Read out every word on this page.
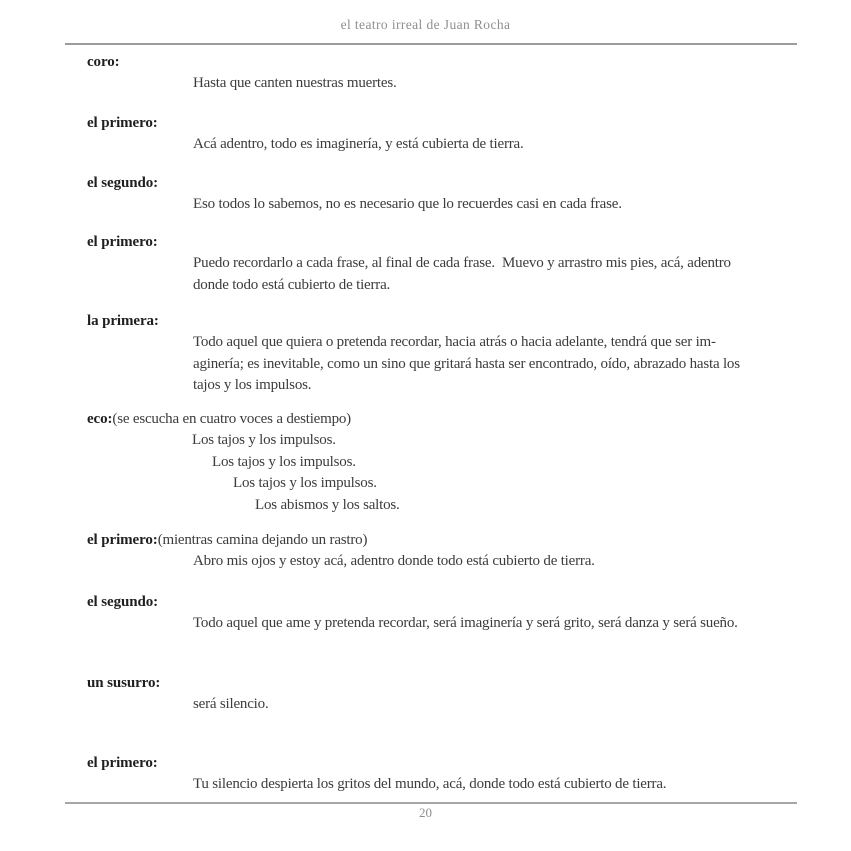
el teatro irreal de Juan Rocha
coro:
Hasta que canten nuestras muertes.
el primero:
Acá adentro, todo es imaginería, y está cubierta de tierra.
el segundo:
Eso todos lo sabemos, no es necesario que lo recuerdes casi en cada frase.
el primero:
Puedo recordarlo a cada frase, al final de cada frase.  Muevo y arrastro mis pies, acá, adentro
donde todo está cubierto de tierra.
la primera:
Todo aquel que quiera o pretenda recordar, hacia atrás o hacia adelante, tendrá que ser im-
aginería; es inevitable, como un sino que gritará hasta ser encontrado, oído, abrazado hasta los
tajos y los impulsos.
eco:(se escucha en cuatro voces a destiempo)
Los tajos y los impulsos.
Los tajos y los impulsos.
Los tajos y los impulsos.
Los abismos y los saltos.
el primero:(mientras camina dejando un rastro)
Abro mis ojos y estoy acá, adentro donde todo está cubierto de tierra.
el segundo:
Todo aquel que ame y pretenda recordar, será imaginería y será grito, será danza y será sueño.
un susurro:
será silencio.
el primero:
Tu silencio despierta los gritos del mundo, acá, donde todo está cubierto de tierra.
20
